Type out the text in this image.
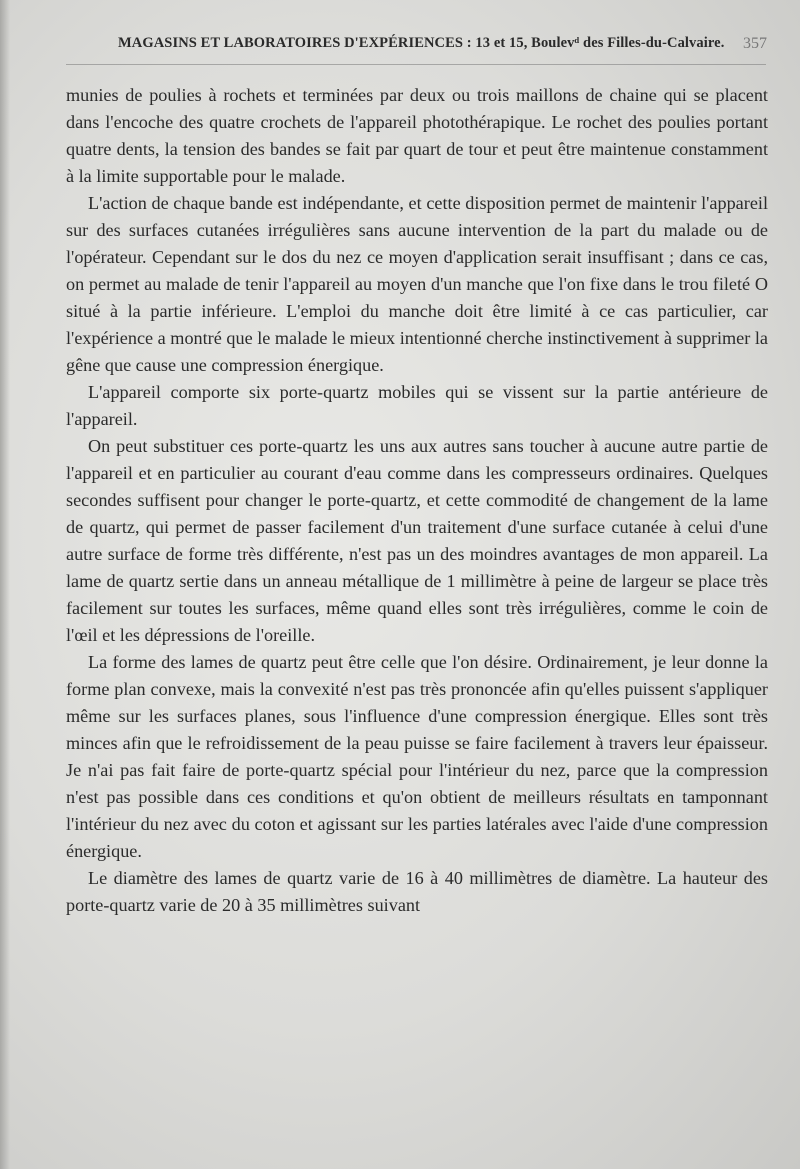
MAGASINS ET LABORATOIRES D'EXPÉRIENCES : 13 et 15, Boulevᵈ des Filles-du-Calvaire. 357

munies de poulies à rochets et terminées par deux ou trois maillons de chaine qui se placent dans l'encoche des quatre crochets de l'appareil photothérapique. Le rochet des poulies portant quatre dents, la tension des bandes se fait par quart de tour et peut être maintenue constamment à la limite supportable pour le malade.

L'action de chaque bande est indépendante, et cette disposition permet de maintenir l'appareil sur des surfaces cutanées irrégulières sans aucune intervention de la part du malade ou de l'opérateur. Cependant sur le dos du nez ce moyen d'application serait insuffisant ; dans ce cas, on permet au malade de tenir l'appareil au moyen d'un manche que l'on fixe dans le trou fileté O situé à la partie inférieure. L'emploi du manche doit être limité à ce cas particulier, car l'expérience a montré que le malade le mieux intentionné cherche instinctivement à supprimer la gêne que cause une compression énergique.

L'appareil comporte six porte-quartz mobiles qui se vissent sur la partie antérieure de l'appareil.

On peut substituer ces porte-quartz les uns aux autres sans toucher à aucune autre partie de l'appareil et en particulier au courant d'eau comme dans les compresseurs ordinaires. Quelques secondes suffisent pour changer le porte-quartz, et cette commodité de changement de la lame de quartz, qui permet de passer facilement d'un traitement d'une surface cutanée à celui d'une autre surface de forme très différente, n'est pas un des moindres avantages de mon appareil. La lame de quartz sertie dans un anneau métallique de 1 millimètre à peine de largeur se place très facilement sur toutes les surfaces, même quand elles sont très irrégulières, comme le coin de l'œil et les dépressions de l'oreille.

La forme des lames de quartz peut être celle que l'on désire. Ordinairement, je leur donne la forme plan convexe, mais la convexité n'est pas très prononcée afin qu'elles puissent s'appliquer même sur les surfaces planes, sous l'influence d'une compression énergique. Elles sont très minces afin que le refroidissement de la peau puisse se faire facilement à travers leur épaisseur. Je n'ai pas fait faire de porte-quartz spécial pour l'intérieur du nez, parce que la compression n'est pas possible dans ces conditions et qu'on obtient de meilleurs résultats en tamponnant l'intérieur du nez avec du coton et agissant sur les parties latérales avec l'aide d'une compression énergique.

Le diamètre des lames de quartz varie de 16 à 40 millimètres de diamètre. La hauteur des porte-quartz varie de 20 à 35 millimètres suivant
